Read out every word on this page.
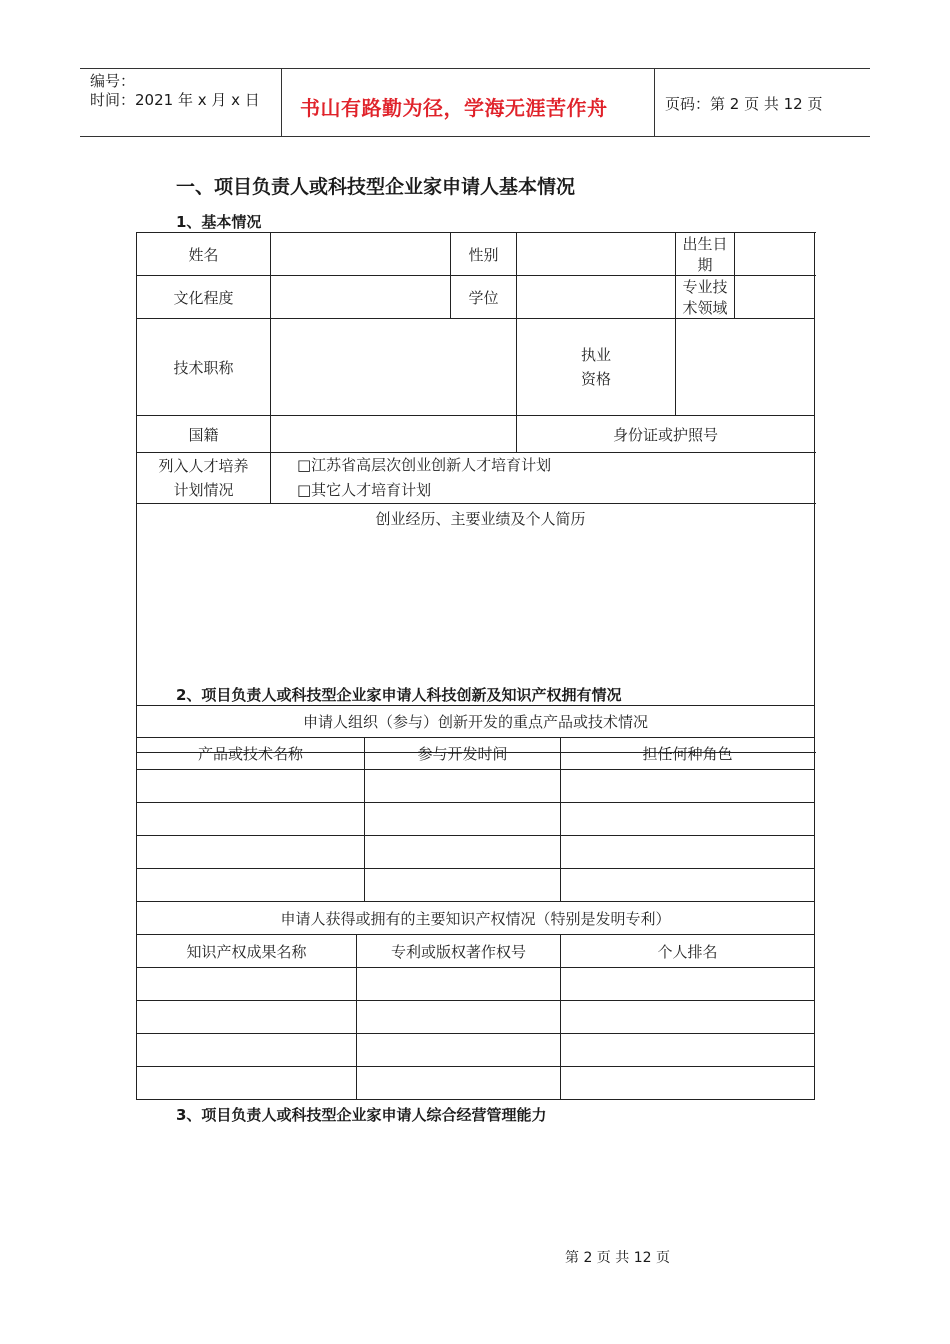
编号：
时间：2021 年 x 月 x 日 书山有路勤为径，学海无涯苦作舟	页码：第 2 页 共 12 页
一、项目负责人或科技型企业家申请人基本情况
1、基本情况
姓名		性别		出生日期		
文化程度		学位		专业技术领域		
技术职称			执业
资格

国籍			身份证或护照号			

列入人才培养
计划情况	□江苏省高层次创业创新人才培育计划
□其它人才培育计划					

创业经历、主要业绩及个人简历						
2、项目负责人或科技型企业家申请人科技创新及知识产权拥有情况
申请人组织（参与）创新开发的重点产品或技术情况			
产品或技术名称		参与开发时间	担任何种角色

申请人获得或拥有的主要知识产权情况（特别是发明专利）			
知识产权成果名称	专利或版权著作权号		个人排名

3、项目负责人或科技型企业家申请人综合经营管理能力
第 2 页 共 12 页
